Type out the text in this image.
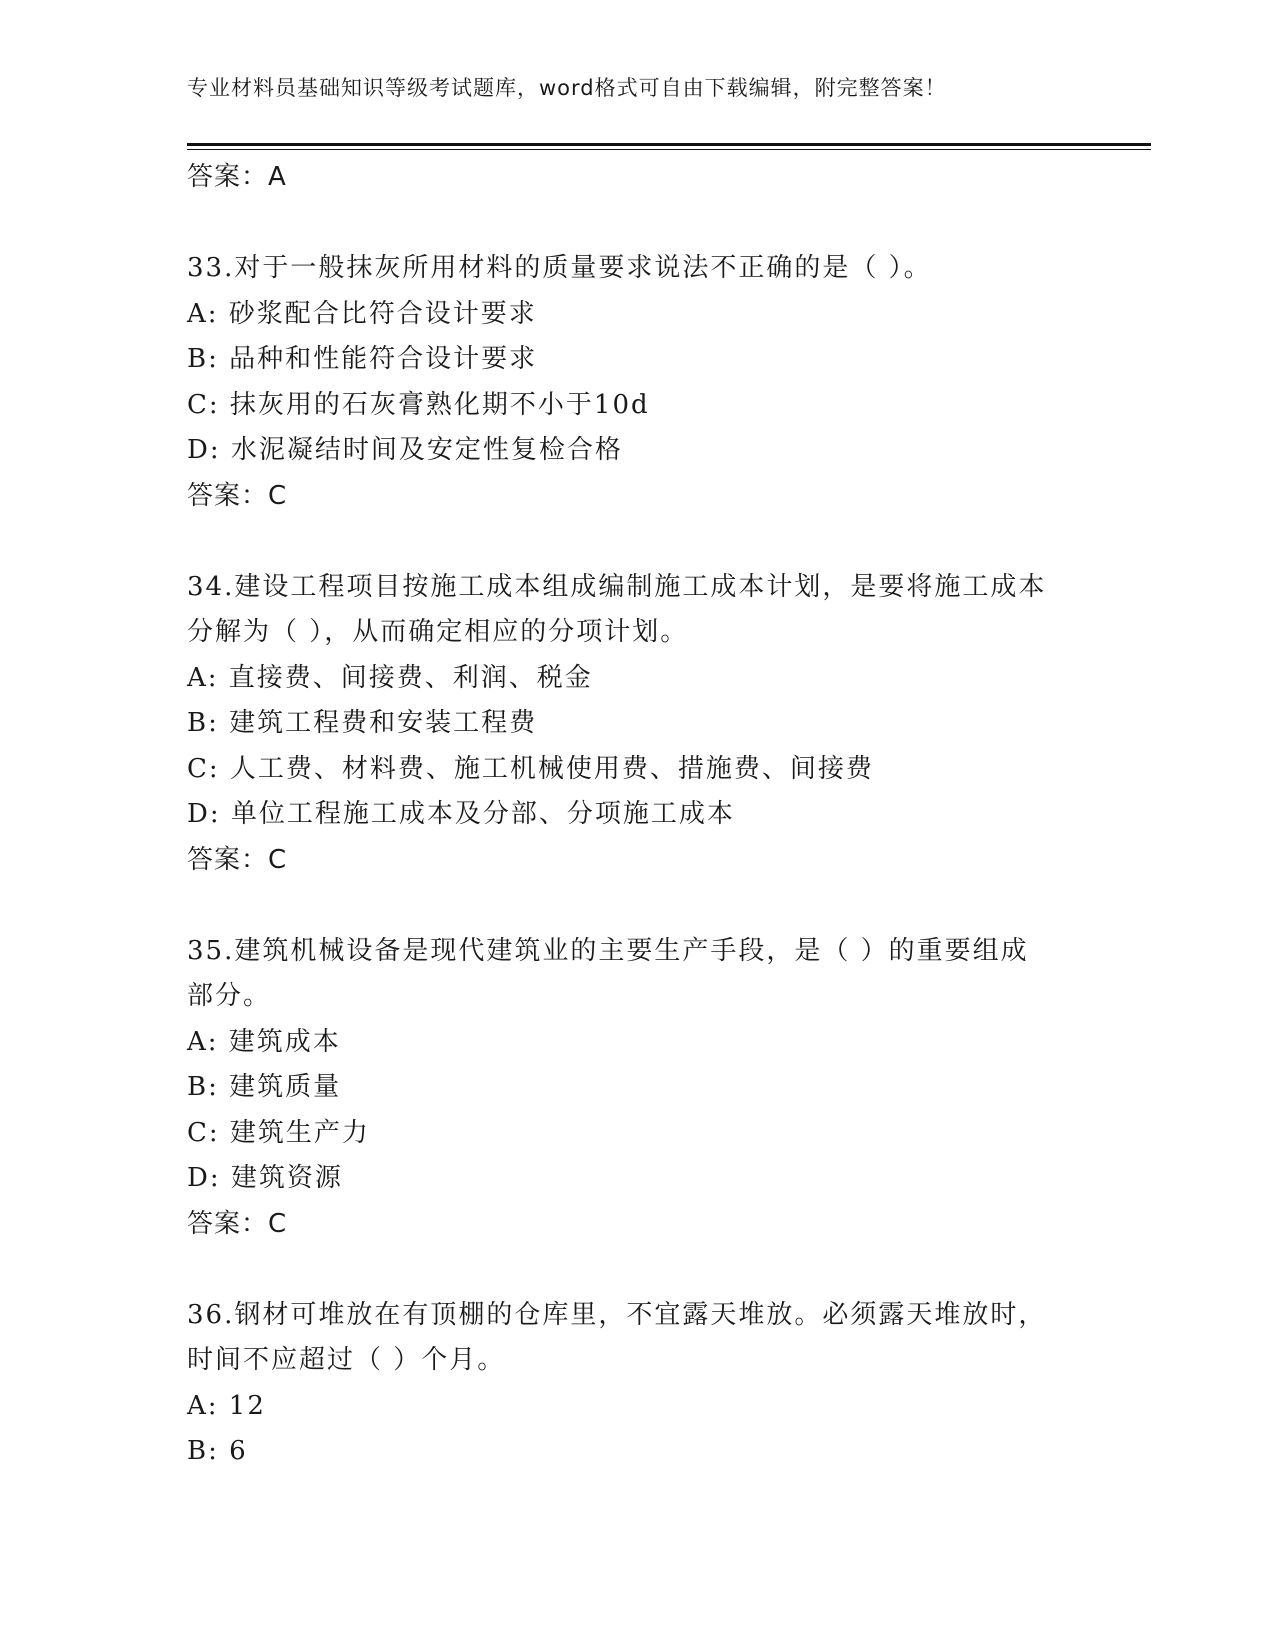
专业材料员基础知识等级考试题库，word格式可自由下载编辑，附完整答案！
答案：A
33.对于一般抹灰所用材料的质量要求说法不正确的是（ ）。
A: 砂浆配合比符合设计要求
B: 品种和性能符合设计要求
C: 抹灰用的石灰膏熟化期不小于10d
D: 水泥凝结时间及安定性复检合格
答案：C
34.建设工程项目按施工成本组成编制施工成本计划，是要将施工成本
分解为（ ），从而确定相应的分项计划。
A: 直接费、间接费、利润、税金
B: 建筑工程费和安装工程费
C: 人工费、材料费、施工机械使用费、措施费、间接费
D: 单位工程施工成本及分部、分项施工成本
答案：C
35.建筑机械设备是现代建筑业的主要生产手段，是（ ）的重要组成
部分。
A: 建筑成本
B: 建筑质量
C: 建筑生产力
D: 建筑资源
答案：C
36.钢材可堆放在有顶棚的仓库里，不宜露天堆放。必须露天堆放时，
时间不应超过（ ）个月。
A: 12
B: 6
